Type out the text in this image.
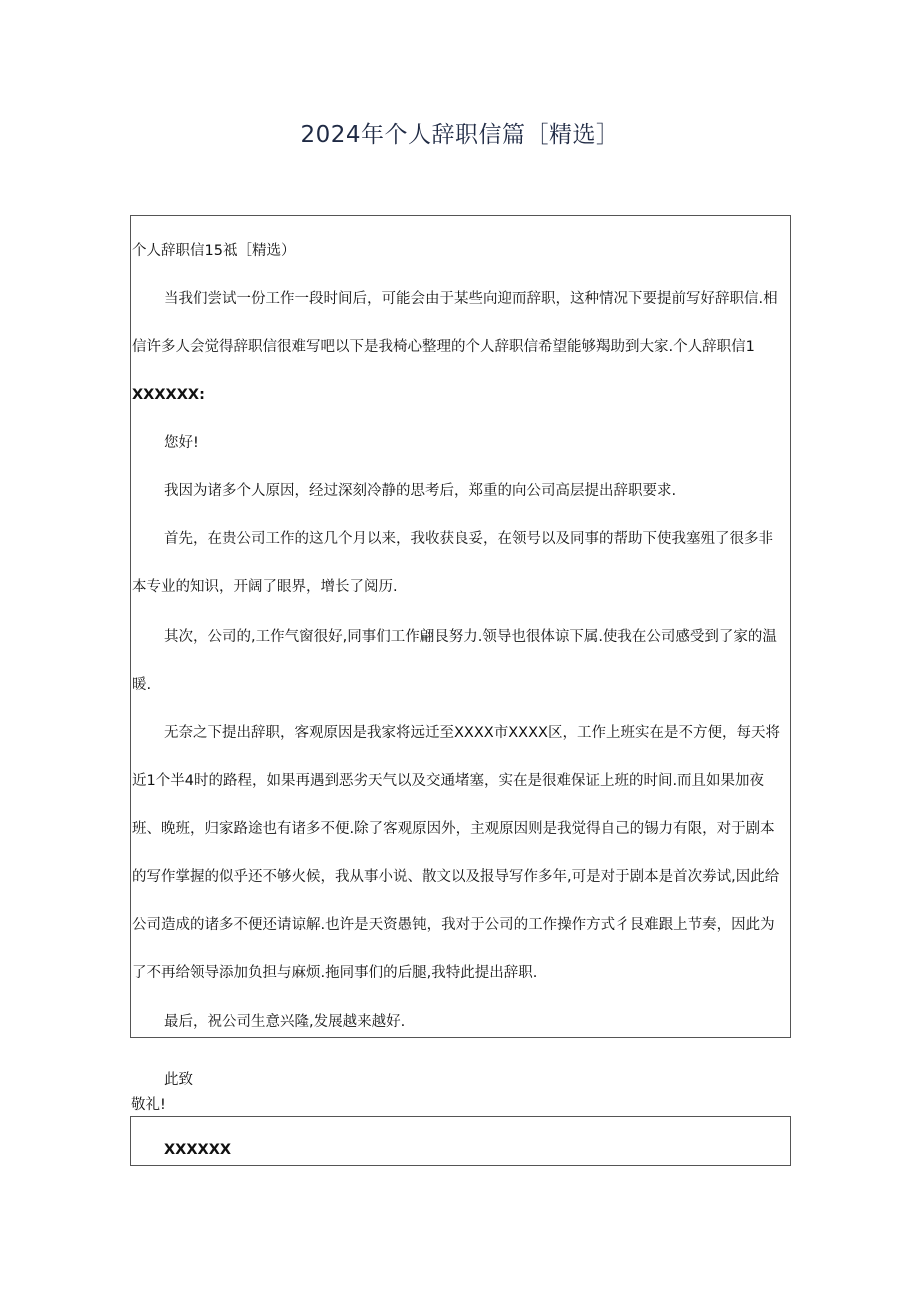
2024年个人辞职信篇［精选］
个人辞职信15祗［精选）
当我们尝试一份工作一段时间后，可能会由于某些向迎而辞职，这种情况下要提前写好辞职信.相
信许多人会觉得辞职信很难写吧以下是我椅心整理的个人辞职信希望能够羯助到大家.个人辞职信1
XXXXXX:
您好!
我因为诸多个人原因，经过深刻冷静的思考后，郑重的向公司高层提出辞职要求.
首先，在贵公司工作的这几个月以来，我收获良妥，在领号以及同事的帮助下使我塞殂了很多非
本专业的知识，开阔了眼界，增长了阅历.
其次，公司的,工作气窗很好,同事们工作翩艮努力.领导也很体谅下属.使我在公司感受到了家的温
暖.
无奈之下提出辞职，客观原因是我家将远迁至XXXX市XXXX区，工作上班实在是不方便，每天将
近1个半4时的路程，如果再遇到恶劣天气以及交通堵塞，实在是很难保证上班的时间.而且如果加夜
班、晚班，归家路途也有诸多不便.除了客观原因外，主观原因则是我觉得自己的锡力有限，对于剧本
的写作掌握的似乎还不够火候，我从事小说、散文以及报导写作多年,可是对于剧本是首次劵试,因此给
公司造成的诸多不便还请谅解.也许是天资愚钝，我对于公司的工作操作方式彳艮难跟上节奏，因此为
了不再给领导添加负担与麻烦.拖同事们的后腿,我特此提出辞职.
最后，祝公司生意兴隆,发展越来越好.
此致
敬礼!
XXXXXX
